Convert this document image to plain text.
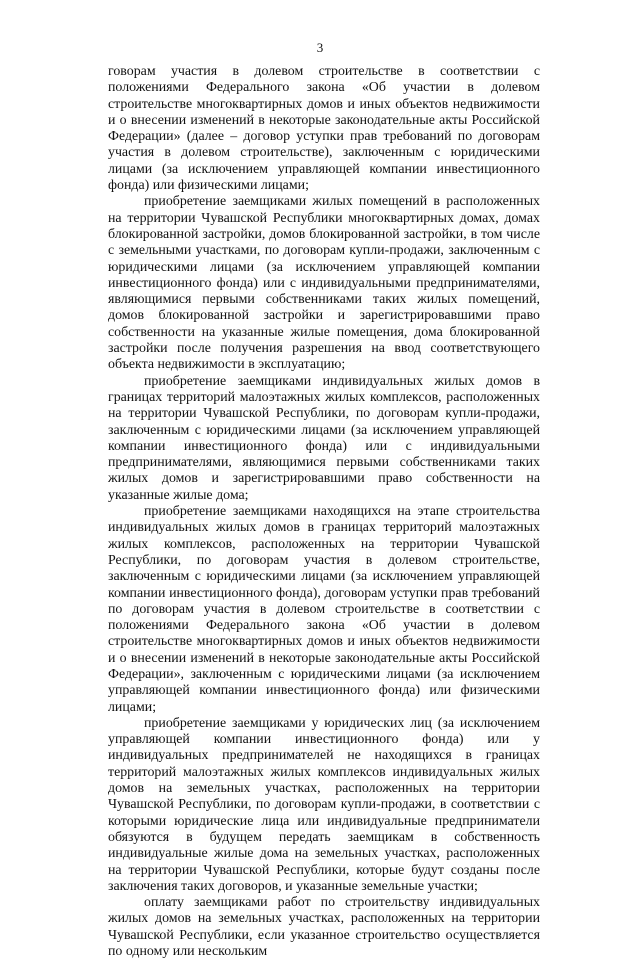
3

говорам участия в долевом строительстве в соответствии с положениями Федерального закона «Об участии в долевом строительстве многоквартирных домов и иных объектов недвижимости и о внесении изменений в некоторые законодательные акты Российской Федерации» (далее – договор уступки прав требований по договорам участия в долевом строительстве), заключенным с юридическими лицами (за исключением управляющей компании инвестиционного фонда) или физическими лицами;

приобретение заемщиками жилых помещений в расположенных на территории Чувашской Республики многоквартирных домах, домах блокированной застройки, домов блокированной застройки, в том числе с земельными участками, по договорам купли-продажи, заключенным с юридическими лицами (за исключением управляющей компании инвестиционного фонда) или с индивидуальными предпринимателями, являющимися первыми собственниками таких жилых помещений, домов блокированной застройки и зарегистрировавшими право собственности на указанные жилые помещения, дома блокированной застройки после получения разрешения на ввод соответствующего объекта недвижимости в эксплуатацию;

приобретение заемщиками индивидуальных жилых домов в границах территорий малоэтажных жилых комплексов, расположенных на территории Чувашской Республики, по договорам купли-продажи, заключенным с юридическими лицами (за исключением управляющей компании инвестиционного фонда) или с индивидуальными предпринимателями, являющимися первыми собственниками таких жилых домов и зарегистрировавшими право собственности на указанные жилые дома;

приобретение заемщиками находящихся на этапе строительства индивидуальных жилых домов в границах территорий малоэтажных жилых комплексов, расположенных на территории Чувашской Республики, по договорам участия в долевом строительстве, заключенным с юридическими лицами (за исключением управляющей компании инвестиционного фонда), договорам уступки прав требований по договорам участия в долевом строительстве в соответствии с положениями Федерального закона «Об участии в долевом строительстве многоквартирных домов и иных объектов недвижимости и о внесении изменений в некоторые законодательные акты Российской Федерации», заключенным с юридическими лицами (за исключением управляющей компании инвестиционного фонда) или физическими лицами;

приобретение заемщиками у юридических лиц (за исключением управляющей компании инвестиционного фонда) или у индивидуальных предпринимателей не находящихся в границах территорий малоэтажных жилых комплексов индивидуальных жилых домов на земельных участках, расположенных на территории Чувашской Республики, по договорам купли-продажи, в соответствии с которыми юридические лица или индивидуальные предприниматели обязуются в будущем передать заемщикам в собственность индивидуальные жилые дома на земельных участках, расположенных на территории Чувашской Республики, которые будут созданы после заключения таких договоров, и указанные земельные участки;

оплату заемщиками работ по строительству индивидуальных жилых домов на земельных участках, расположенных на территории Чувашской Республики, если указанное строительство осуществляется по одному или нескольким
